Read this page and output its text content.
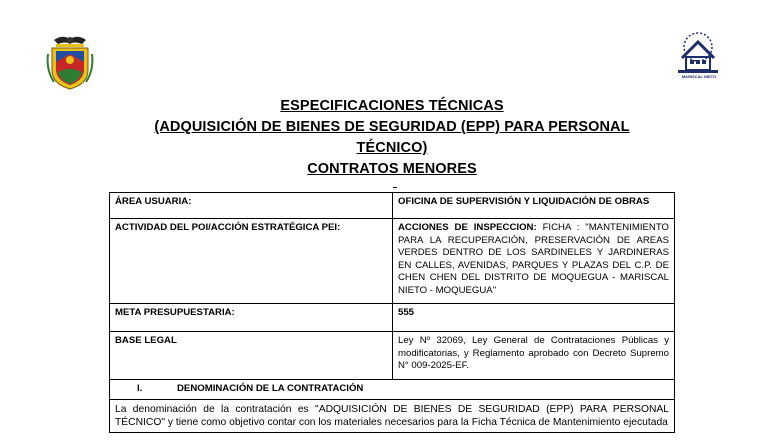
MARISCAL NIETO
ESPECIFICACIONES TÉCNICAS
(ADQUISICIÓN DE BIENES DE SEGURIDAD (EPP) PARA PERSONAL
TÉCNICO)
CONTRATOS MENORES
ÁREA USUARIA:	OFICINA DE SUPERVISIÓN Y LIQUIDACIÓN DE OBRAS
ACTIVIDAD DEL POI/ACCIÓN ESTRATÉGICA PEI:	ACCIONES DE INSPECCION: FICHA : "MANTENIMIENTO PARA LA RECUPERACIÓN, PRESERVACIÓN DE AREAS VERDES DENTRO DE LOS SARDINELES Y JARDINERAS EN CALLES, AVENIDAS, PARQUES Y PLAZAS DEL C.P. DE CHEN CHEN DEL DISTRITO DE MOQUEGUA - MARISCAL NIETO - MOQUEGUA"
META PRESUPUESTARIA:	555
BASE LEGAL	Ley Nº 32069, Ley General de Contrataciones Públicas y modificatorias, y Reglamento aprobado con Decreto Supremo N° 009-2025-EF.
I. DENOMINACIÓN DE LA CONTRATACIÓN	
La denominación de la contratación es "ADQUISICIÓN DE BIENES DE SEGURIDAD (EPP) PARA PERSONAL TÉCNICO" y tiene como objetivo contar con los materiales necesarios para la Ficha Técnica de Mantenimiento ejecutada	
